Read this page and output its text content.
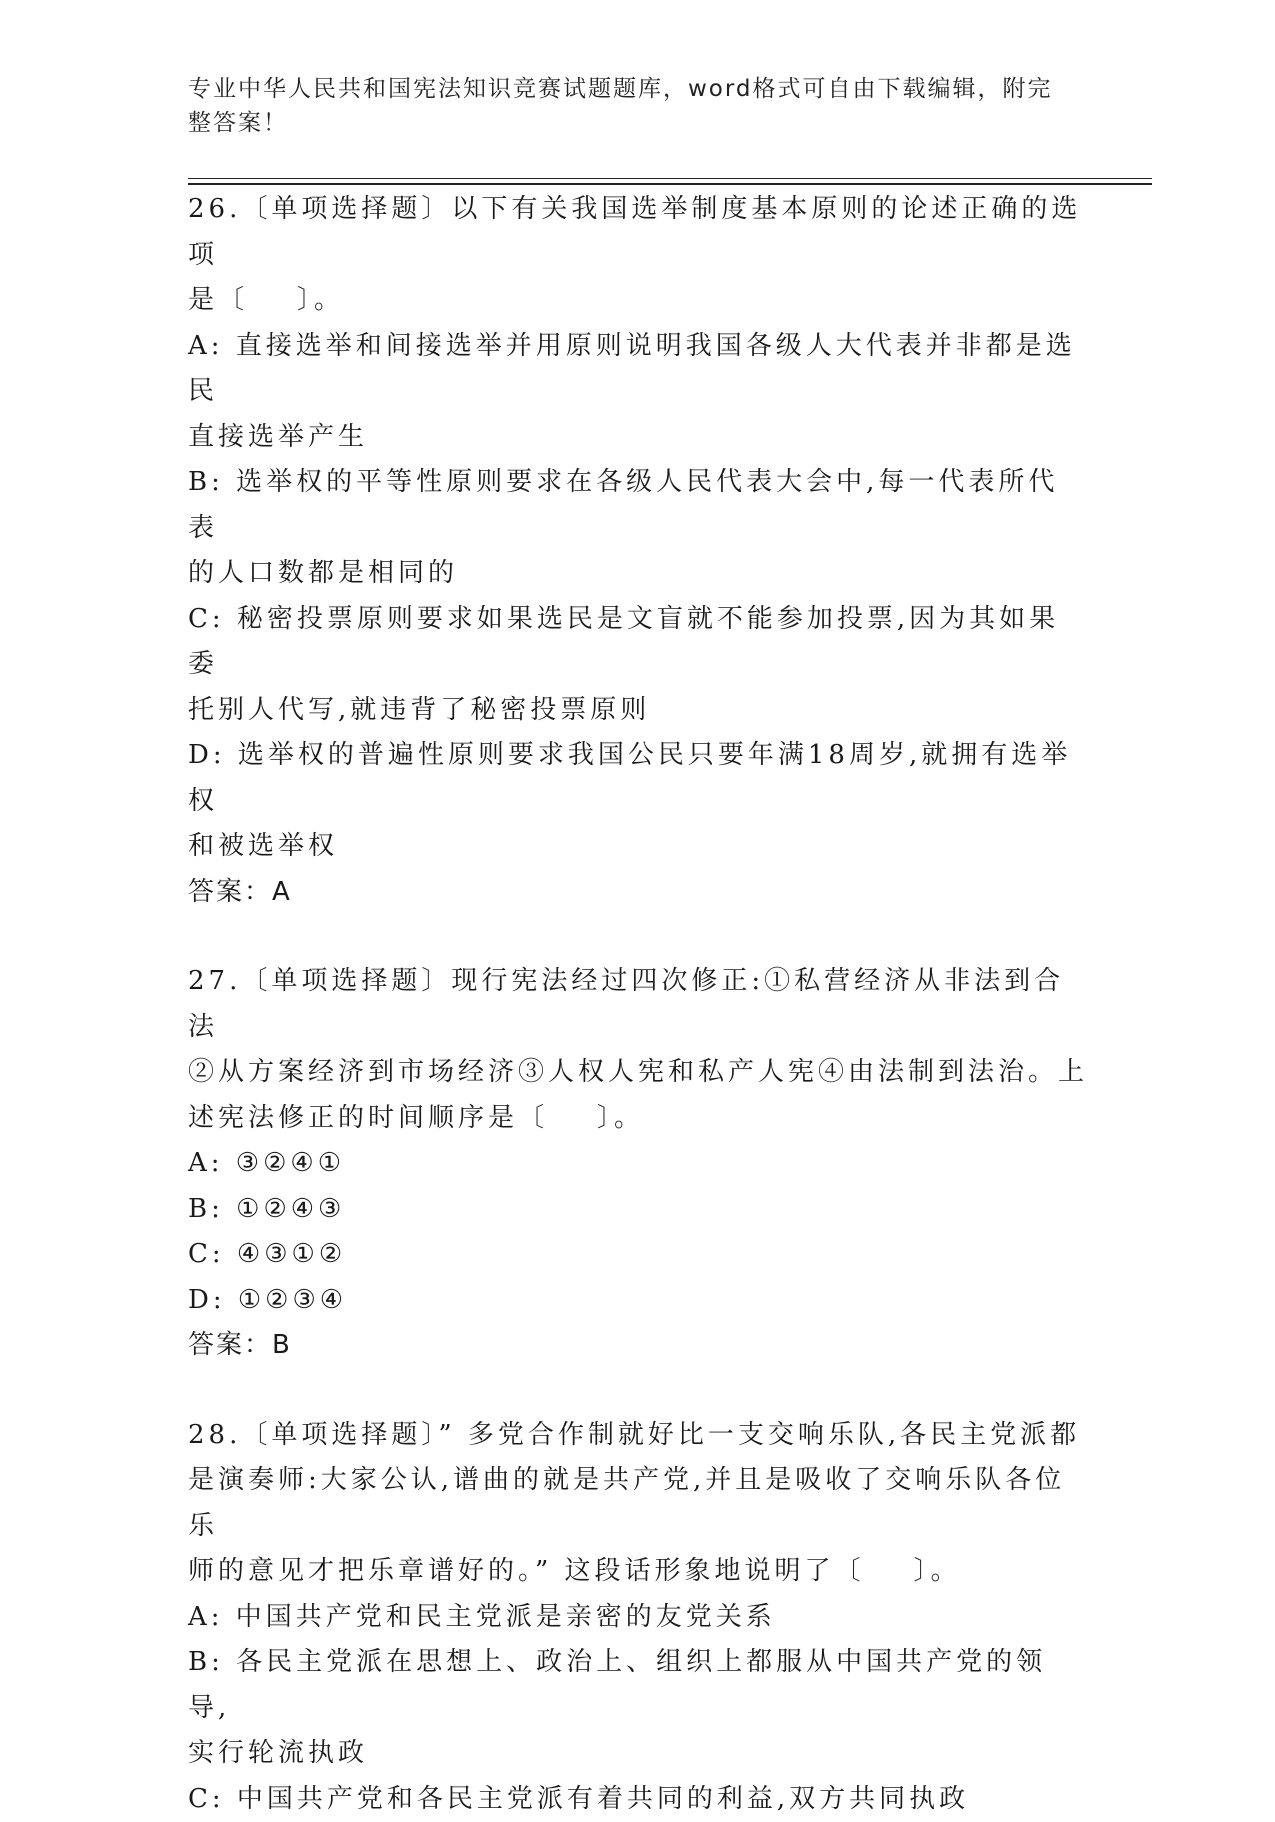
专业中华人民共和国宪法知识竞赛试题题库，word格式可自由下载编辑，附完整答案！

26.〔单项选择题〕以下有关我国选举制度基本原则的论述正确的选项

是〔    〕。

A: 直接选举和间接选举并用原则说明我国各级人大代表并非都是选民

直接选举产生

B: 选举权的平等性原则要求在各级人民代表大会中,每一代表所代表

的人口数都是相同的

C: 秘密投票原则要求如果选民是文盲就不能参加投票,因为其如果委

托别人代写,就违背了秘密投票原则

D: 选举权的普遍性原则要求我国公民只要年满18周岁,就拥有选举权

和被选举权

答案：A

27.〔单项选择题〕现行宪法经过四次修正:①私营经济从非法到合法

②从方案经济到市场经济③人权人宪和私产人宪④由法制到法治。上

述宪法修正的时间顺序是〔    〕。

A: ③②④①

B: ①②④③

C: ④③①②

D: ①②③④

答案：B

28.〔单项选择题〕” 多党合作制就好比一支交响乐队,各民主党派都

是演奏师:大家公认,谱曲的就是共产党,并且是吸收了交响乐队各位乐

师的意见才把乐章谱好的。” 这段话形象地说明了〔    〕。

A: 中国共产党和民主党派是亲密的友党关系

B: 各民主党派在思想上、政治上、组织上都服从中国共产党的领导,

实行轮流执政

C: 中国共产党和各民主党派有着共同的利益,双方共同执政
